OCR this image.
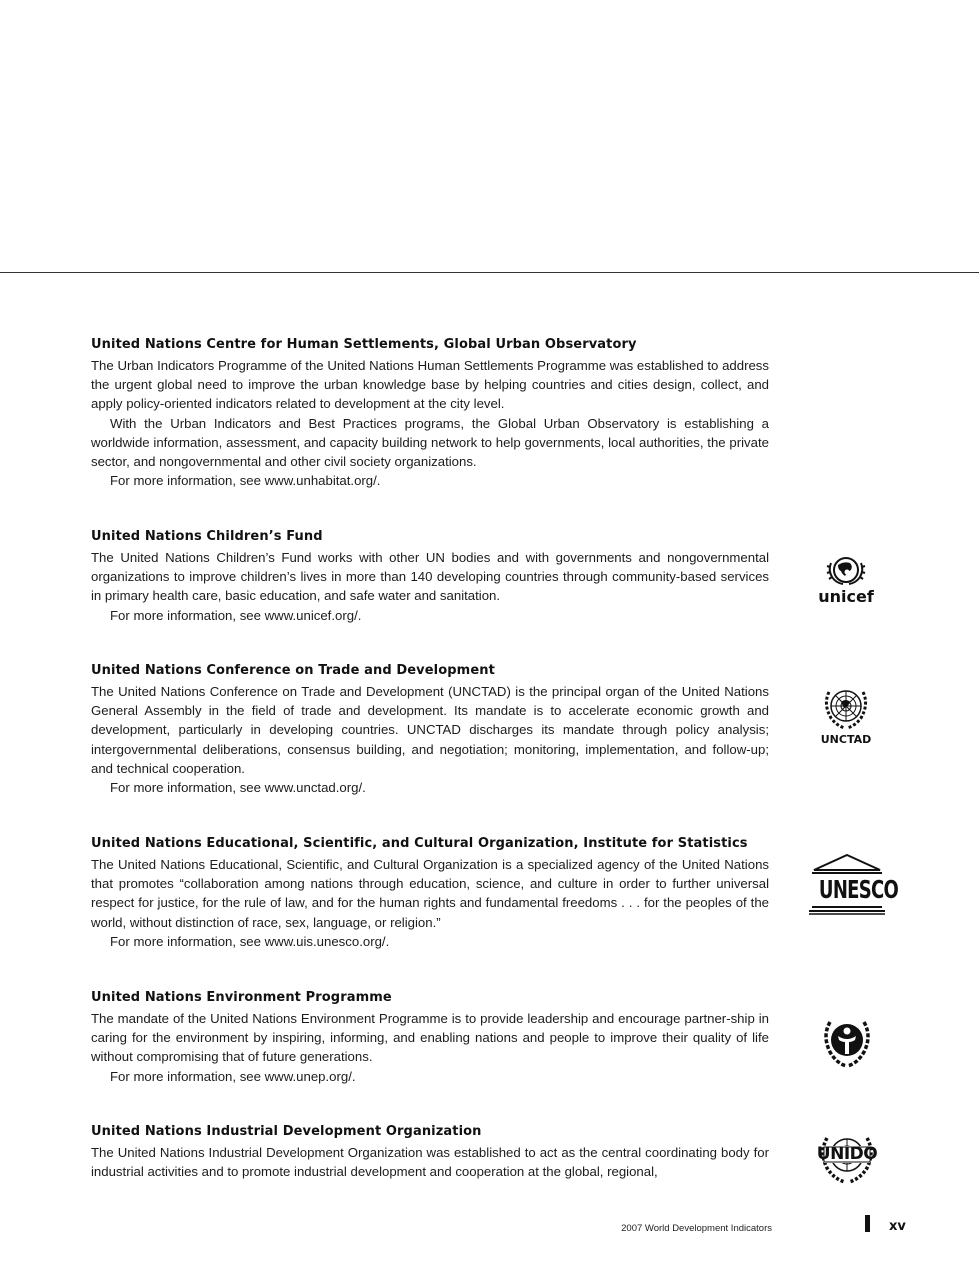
United Nations Centre for Human Settlements, Global Urban Observatory

The Urban Indicators Programme of the United Nations Human Settlements Programme was established to address the urgent global need to improve the urban knowledge base by helping countries and cities design, collect, and apply policy-oriented indicators related to development at the city level.

With the Urban Indicators and Best Practices programs, the Global Urban Observatory is establishing a worldwide information, assessment, and capacity building network to help governments, local authorities, the private sector, and nongovernmental and other civil society organizations.

For more information, see www.unhabitat.org/.

United Nations Children’s Fund

The United Nations Children’s Fund works with other UN bodies and with governments and nongovernmental organizations to improve children’s lives in more than 140 developing countries through community-based services in primary health care, basic education, and safe water and sanitation.

For more information, see www.unicef.org/.

unicef
United Nations Conference on Trade and Development

The United Nations Conference on Trade and Development (UNCTAD) is the principal organ of the United Nations General Assembly in the field of trade and development. Its mandate is to accelerate economic growth and development, particularly in developing countries. UNCTAD discharges its mandate through policy analysis; intergovernmental deliberations, consensus building, and negotiation; monitoring, implementation, and follow-up; and technical cooperation.

For more information, see www.unctad.org/.

UNCTAD
United Nations Educational, Scientific, and Cultural Organization, Institute for Statistics

The United Nations Educational, Scientific, and Cultural Organization is a specialized agency of the United Nations that promotes “collaboration among nations through education, science, and culture in order to further universal respect for justice, for the rule of law, and for the human rights and fundamental freedoms . . . for the peoples of the world, without distinction of race, sex, language, or religion.”

For more information, see www.uis.unesco.org/.

UNESCO
United Nations Environment Programme

The mandate of the United Nations Environment Programme is to provide leadership and encourage partner-ship in caring for the environment by inspiring, informing, and enabling nations and people to improve their quality of life without compromising that of future generations.

For more information, see www.unep.org/.

United Nations Industrial Development Organization

The United Nations Industrial Development Organization was established to act as the central coordinating body for industrial activities and to promote industrial development and cooperation at the global, regional,

UNIDO
2007 World Development Indicators	xv
